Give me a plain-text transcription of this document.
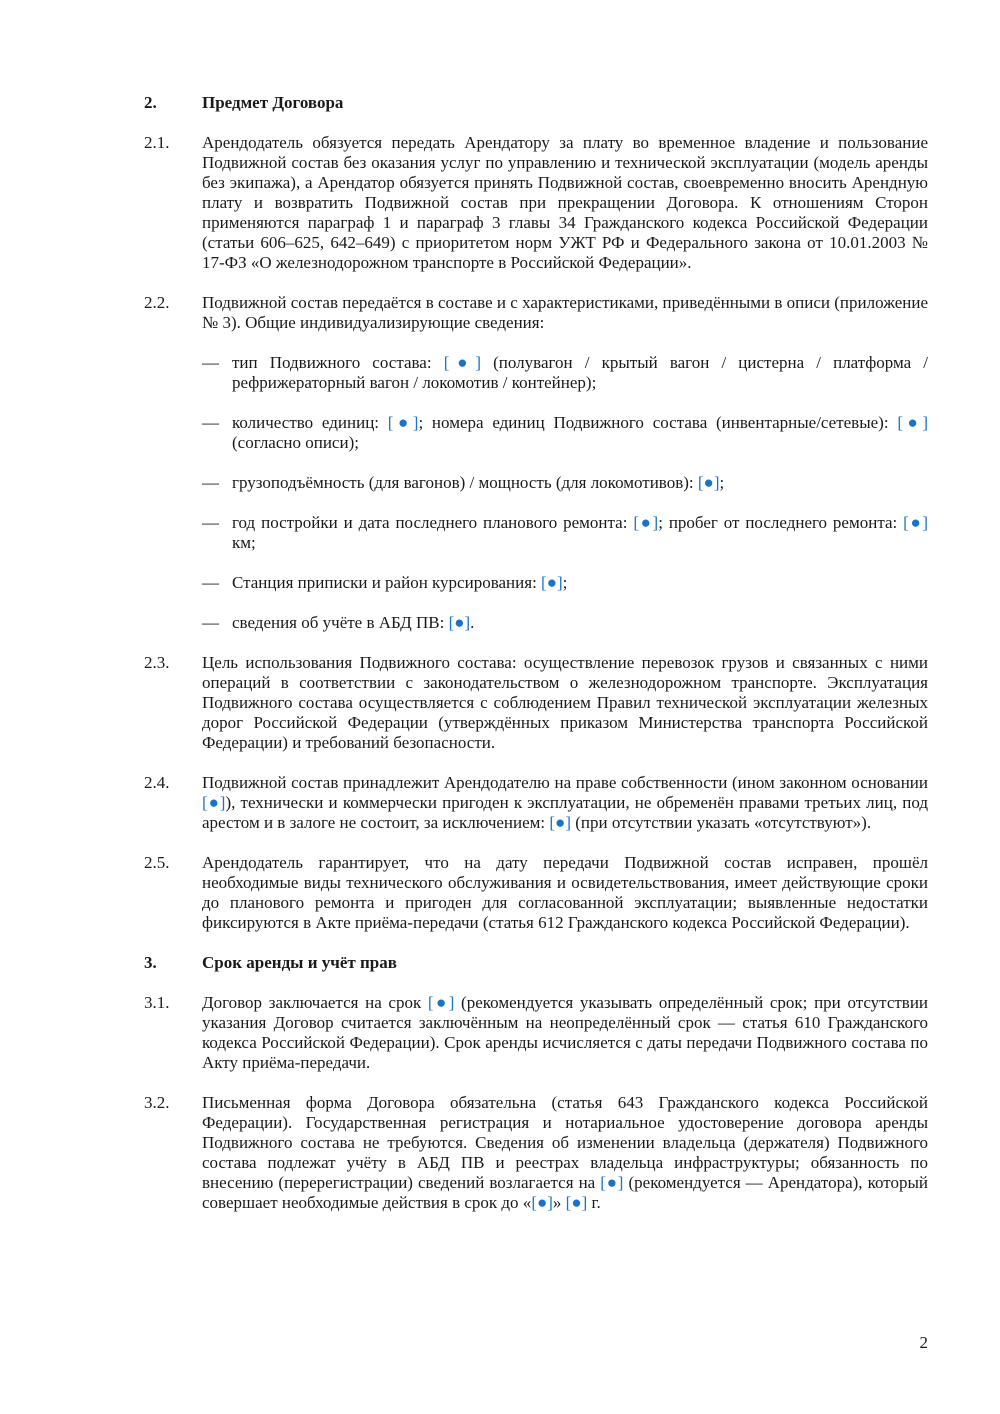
2.	Предмет Договора
2.1.	Арендодатель обязуется передать Арендатору за плату во временное владение и пользование Подвижной состав без оказания услуг по управлению и технической эксплуатации (модель аренды без экипажа), а Арендатор обязуется принять Подвижной состав, своевременно вносить Арендную плату и возвратить Подвижной состав при прекращении Договора. К отношениям Сторон применяются параграф 1 и параграф 3 главы 34 Гражданского кодекса Российской Федерации (статьи 606–625, 642–649) с приоритетом норм УЖТ РФ и Федерального закона от 10.01.2003 № 17-ФЗ «О железнодорожном транспорте в Российской Федерации».
2.2.	Подвижной состав передаётся в составе и с характеристиками, приведёнными в описи (приложение № 3). Общие индивидуализирующие сведения:
— тип Подвижного состава: [●] (полувагон / крытый вагон / цистерна / платформа / рефрижераторный вагон / локомотив / контейнер);
— количество единиц: [●]; номера единиц Подвижного состава (инвентарные/сетевые): [●] (согласно описи);
— грузоподъёмность (для вагонов) / мощность (для локомотивов): [●];
— год постройки и дата последнего планового ремонта: [●]; пробег от последнего ремонта: [●] км;
— Станция приписки и район курсирования: [●];
— сведения об учёте в АБД ПВ: [●].
2.3.	Цель использования Подвижного состава: осуществление перевозок грузов и связанных с ними операций в соответствии с законодательством о железнодорожном транспорте. Эксплуатация Подвижного состава осуществляется с соблюдением Правил технической эксплуатации железных дорог Российской Федерации (утверждённых приказом Министерства транспорта Российской Федерации) и требований безопасности.
2.4.	Подвижной состав принадлежит Арендодателю на праве собственности (ином законном основании [●]), технически и коммерчески пригоден к эксплуатации, не обременён правами третьих лиц, под арестом и в залоге не состоит, за исключением: [●] (при отсутствии указать «отсутствуют»).
2.5.	Арендодатель гарантирует, что на дату передачи Подвижной состав исправен, прошёл необходимые виды технического обслуживания и освидетельствования, имеет действующие сроки до планового ремонта и пригоден для согласованной эксплуатации; выявленные недостатки фиксируются в Акте приёма-передачи (статья 612 Гражданского кодекса Российской Федерации).
3.	Срок аренды и учёт прав
3.1.	Договор заключается на срок [●] (рекомендуется указывать определённый срок; при отсутствии указания Договор считается заключённым на неопределённый срок — статья 610 Гражданского кодекса Российской Федерации). Срок аренды исчисляется с даты передачи Подвижного состава по Акту приёма-передачи.
3.2.	Письменная форма Договора обязательна (статья 643 Гражданского кодекса Российской Федерации). Государственная регистрация и нотариальное удостоверение договора аренды Подвижного состава не требуются. Сведения об изменении владельца (держателя) Подвижного состава подлежат учёту в АБД ПВ и реестрах владельца инфраструктуры; обязанность по внесению (перерегистрации) сведений возлагается на [●] (рекомендуется — Арендатора), который совершает необходимые действия в срок до «[●]» [●] г.
2
